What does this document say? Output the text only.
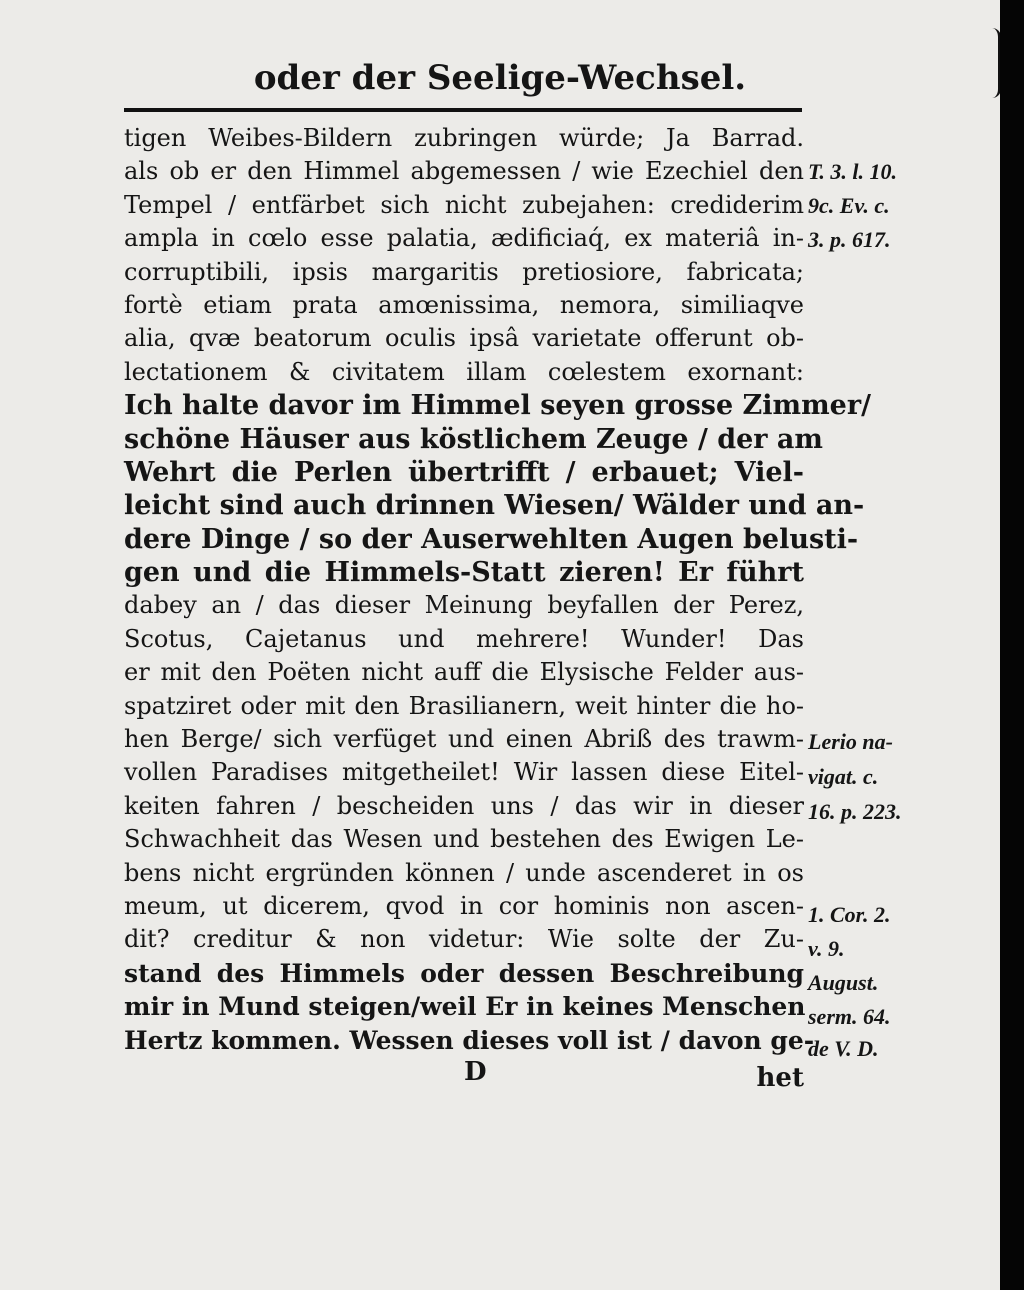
oder der Seelige-Wechsel.
tigen Weibes-Bildern zubringen würde; Ja Barrad.
als ob er den Himmel abgemessen / wie Ezechiel den
Tempel / entfärbet sich nicht zubejahen: crediderim
ampla in cœlo esse palatia, ædificiaq́, ex materiâ in-
corruptibili, ipsis margaritis pretiosiore, fabricata;
fortè etiam prata amœnissima, nemora, similiaqve
alia, qvæ beatorum oculis ipsâ varietate offerunt ob-
lectationem & civitatem illam cœlestem exornant:
Ich halte davor im Himmel seyen grosse Zimmer/
schöne Häuser aus köstlichem Zeuge / der am
Wehrt die Perlen übertrifft / erbauet; Viel-
leicht sind auch drinnen Wiesen/ Wälder und an-
dere Dinge / so der Auserwehlten Augen belusti-
gen und die Himmels-Statt zieren! Er führt
dabey an / das dieser Meinung beyfallen der Perez,
Scotus, Cajetanus und mehrere! Wunder! Das
er mit den Poëten nicht auff die Elysische Felder aus-
spatziret oder mit den Brasilianern, weit hinter die ho-
hen Berge/ sich verfüget und einen Abriß des trawm-
vollen Paradises mitgetheilet! Wir lassen diese Eitel-
keiten fahren / bescheiden uns / das wir in dieser
Schwachheit das Wesen und bestehen des Ewigen Le-
bens nicht ergründen können / unde ascenderet in os
meum, ut dicerem, qvod in cor hominis non ascen-
dit? creditur & non videtur: Wie solte der Zu-
stand des Himmels oder dessen Beschreibung
mir in Mund steigen/weil Er in keines Menschen
Hertz kommen. Wessen dieses voll ist / davon ge-
D	het
T. 3. l. 10.
9c. Ev. c.
3. p. 617.
Lerio na-
vigat. c.
16. p. 223.
1. Cor. 2.
v. 9.
August.
serm. 64.
de V. D.
